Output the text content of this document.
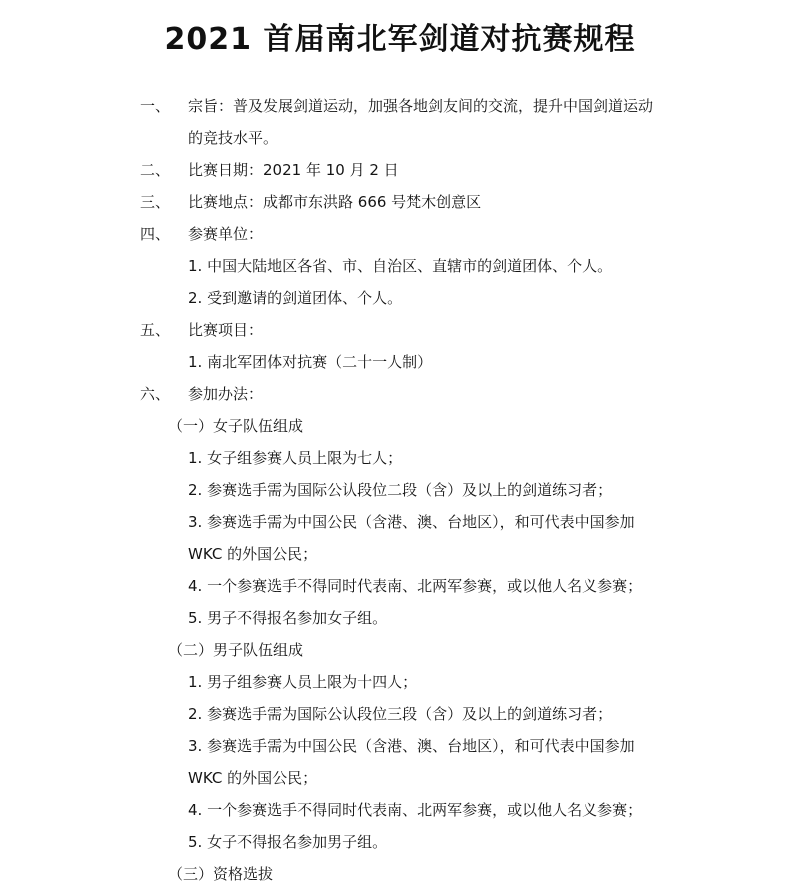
2021 首届南北军剑道对抗赛规程
一、 宗旨：普及发展剑道运动，加强各地剑友间的交流，提升中国剑道运动
的竞技水平。
二、 比赛日期：2021 年 10 月 2 日
三、 比赛地点：成都市东洪路 666 号梵木创意区
四、 参赛单位：
1. 中国大陆地区各省、市、自治区、直辖市的剑道团体、个人。
2. 受到邀请的剑道团体、个人。
五、 比赛项目：
1. 南北军团体对抗赛（二十一人制）
六、 参加办法：
（一）女子队伍组成
1. 女子组参赛人员上限为七人；
2. 参赛选手需为国际公认段位二段（含）及以上的剑道练习者；
3. 参赛选手需为中国公民（含港、澳、台地区），和可代表中国参加
WKC 的外国公民；
4. 一个参赛选手不得同时代表南、北两军参赛，或以他人名义参赛；
5. 男子不得报名参加女子组。
（二）男子队伍组成
1. 男子组参赛人员上限为十四人；
2. 参赛选手需为国际公认段位三段（含）及以上的剑道练习者；
3. 参赛选手需为中国公民（含港、澳、台地区），和可代表中国参加
WKC 的外国公民；
4. 一个参赛选手不得同时代表南、北两军参赛，或以他人名义参赛；
5. 女子不得报名参加男子组。
（三）资格选拔
